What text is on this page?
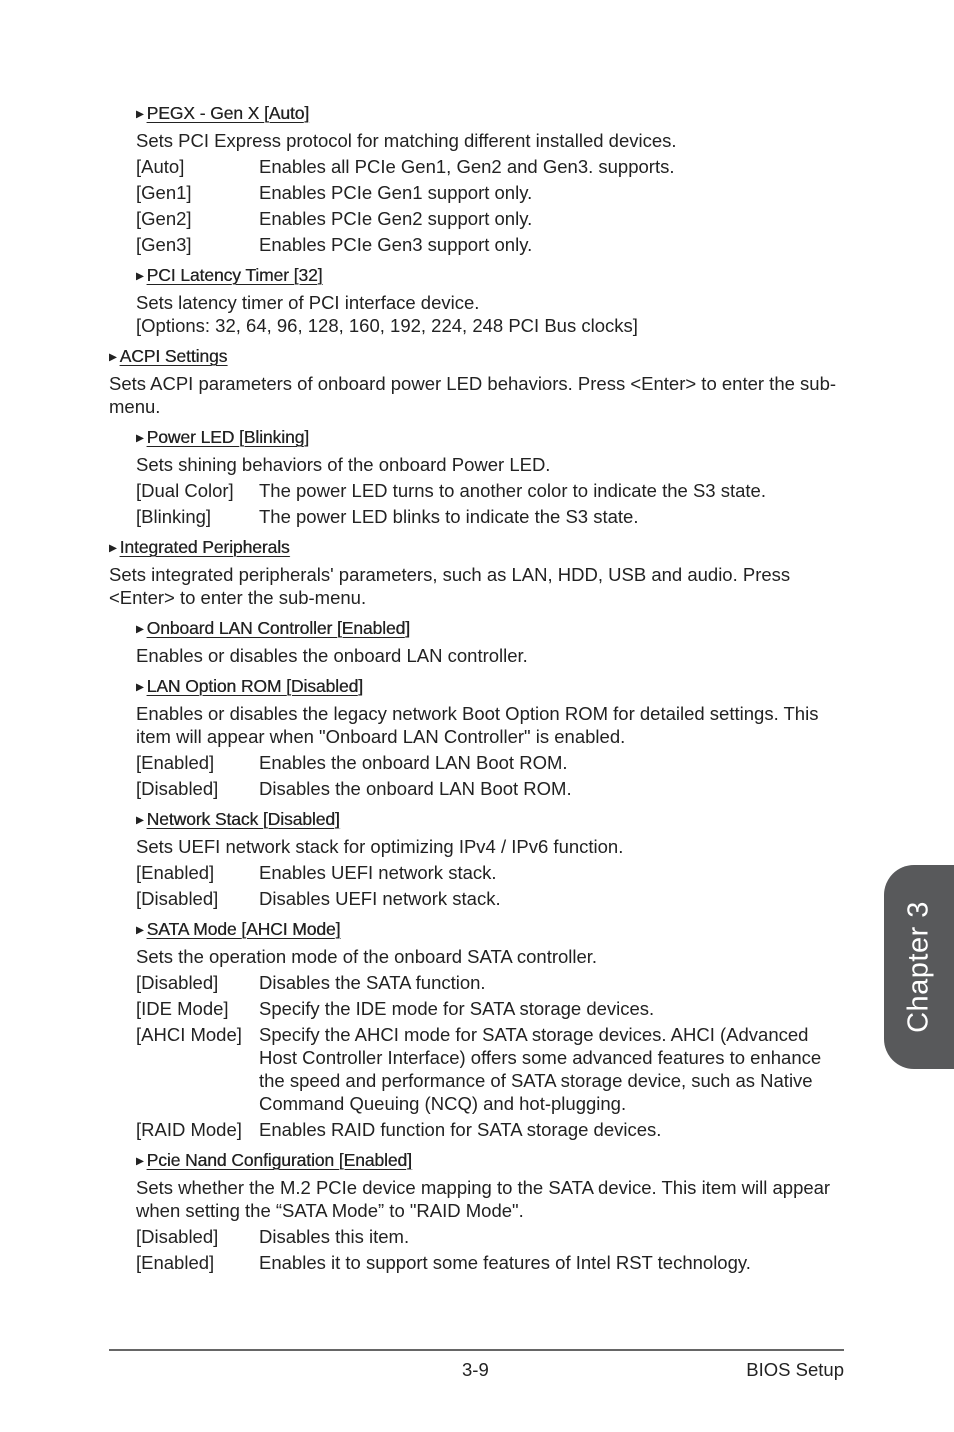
▶ PEGX - Gen X [Auto]
Sets PCI Express protocol for matching different installed devices.
[Auto]	Enables all PCIe Gen1, Gen2 and Gen3. supports.
[Gen1]	Enables PCIe Gen1 support only.
[Gen2]	Enables PCIe Gen2 support only.
[Gen3]	Enables PCIe Gen3 support only.
▶ PCI Latency Timer [32]
Sets latency timer of PCI interface device.
[Options: 32, 64, 96, 128, 160, 192, 224, 248 PCI Bus clocks]
▶ ACPI Settings
Sets ACPI parameters of onboard power LED behaviors. Press <Enter> to enter the sub-menu.
▶ Power LED [Blinking]
Sets shining behaviors of the onboard Power LED.
[Dual Color]	The power LED turns to another color to indicate the S3 state.
[Blinking]	The power LED blinks to indicate the S3 state.
▶ Integrated Peripherals
Sets integrated peripherals' parameters, such as LAN, HDD, USB and audio. Press <Enter> to enter the sub-menu.
▶ Onboard LAN Controller [Enabled]
Enables or disables the onboard LAN controller.
▶ LAN Option ROM [Disabled]
Enables or disables the legacy network Boot Option ROM for detailed settings. This item will appear when "Onboard LAN Controller" is enabled.
[Enabled]	Enables the onboard LAN Boot ROM.
[Disabled]	Disables the onboard LAN Boot ROM.
▶ Network Stack [Disabled]
Sets UEFI network stack for optimizing IPv4 / IPv6 function.
[Enabled]	Enables UEFI network stack.
[Disabled]	Disables UEFI network stack.
▶ SATA Mode [AHCI Mode]
Sets the operation mode of the onboard SATA controller.
[Disabled]	Disables the SATA function.
[IDE Mode]	Specify the IDE mode for SATA storage devices.
[AHCI Mode] Specify the AHCI mode for SATA storage devices. AHCI (Advanced Host Controller Interface) offers some advanced features to enhance the speed and performance of SATA storage device, such as Native Command Queuing (NCQ) and hot-plugging.
[RAID Mode] Enables RAID function for SATA storage devices.
▶ Pcie Nand Configuration [Enabled]
Sets whether the M.2 PCIe device mapping to the SATA device. This item will appear when setting the “SATA Mode” to "RAID Mode".
[Disabled]	Disables this item.
[Enabled]	Enables it to support some features of Intel RST technology.
Chapter 3
3-9	BIOS Setup
